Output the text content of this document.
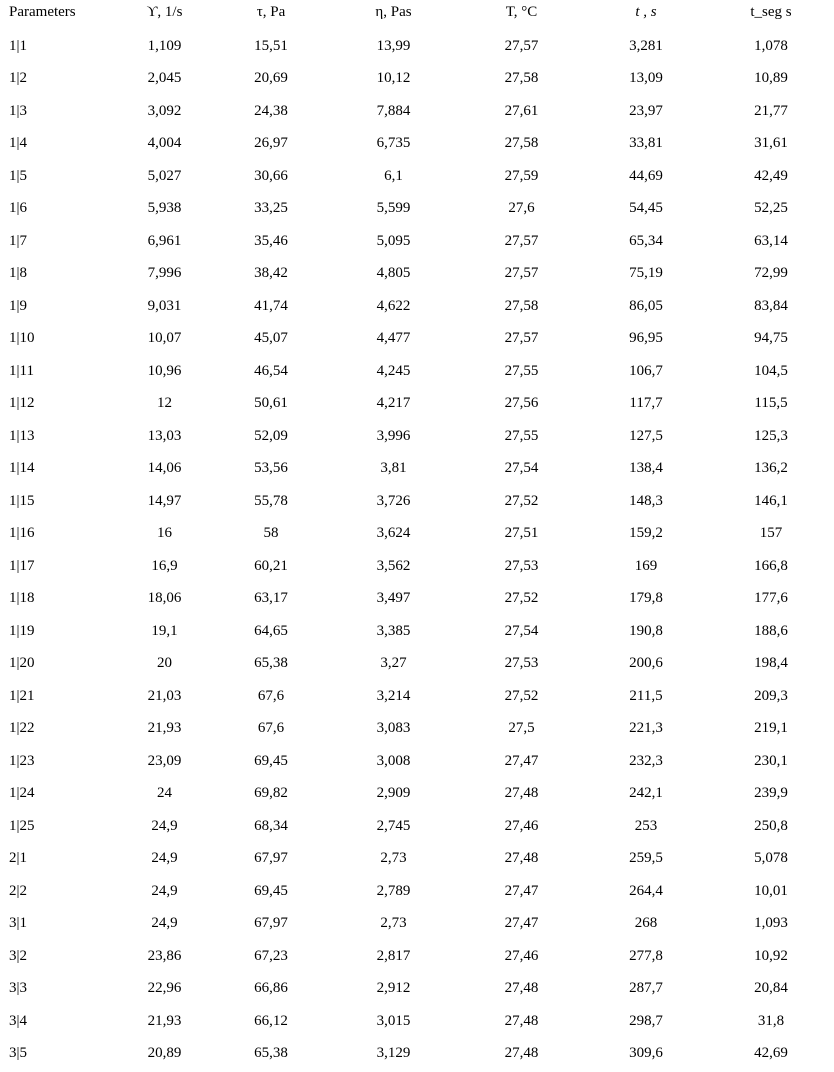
Parameters	ϒ, 1/s	τ, Pa	η, Pas	T, °C	t , s	t_seg s
1|1	1,109	15,51	13,99	27,57	3,281	1,078
1|2	2,045	20,69	10,12	27,58	13,09	10,89
1|3	3,092	24,38	7,884	27,61	23,97	21,77
1|4	4,004	26,97	6,735	27,58	33,81	31,61
1|5	5,027	30,66	6,1	27,59	44,69	42,49
1|6	5,938	33,25	5,599	27,6	54,45	52,25
1|7	6,961	35,46	5,095	27,57	65,34	63,14
1|8	7,996	38,42	4,805	27,57	75,19	72,99
1|9	9,031	41,74	4,622	27,58	86,05	83,84
1|10	10,07	45,07	4,477	27,57	96,95	94,75
1|11	10,96	46,54	4,245	27,55	106,7	104,5
1|12	12	50,61	4,217	27,56	117,7	115,5
1|13	13,03	52,09	3,996	27,55	127,5	125,3
1|14	14,06	53,56	3,81	27,54	138,4	136,2
1|15	14,97	55,78	3,726	27,52	148,3	146,1
1|16	16	58	3,624	27,51	159,2	157
1|17	16,9	60,21	3,562	27,53	169	166,8
1|18	18,06	63,17	3,497	27,52	179,8	177,6
1|19	19,1	64,65	3,385	27,54	190,8	188,6
1|20	20	65,38	3,27	27,53	200,6	198,4
1|21	21,03	67,6	3,214	27,52	211,5	209,3
1|22	21,93	67,6	3,083	27,5	221,3	219,1
1|23	23,09	69,45	3,008	27,47	232,3	230,1
1|24	24	69,82	2,909	27,48	242,1	239,9
1|25	24,9	68,34	2,745	27,46	253	250,8
2|1	24,9	67,97	2,73	27,48	259,5	5,078
2|2	24,9	69,45	2,789	27,47	264,4	10,01
3|1	24,9	67,97	2,73	27,47	268	1,093
3|2	23,86	67,23	2,817	27,46	277,8	10,92
3|3	22,96	66,86	2,912	27,48	287,7	20,84
3|4	21,93	66,12	3,015	27,48	298,7	31,8
3|5	20,89	65,38	3,129	27,48	309,6	42,69
